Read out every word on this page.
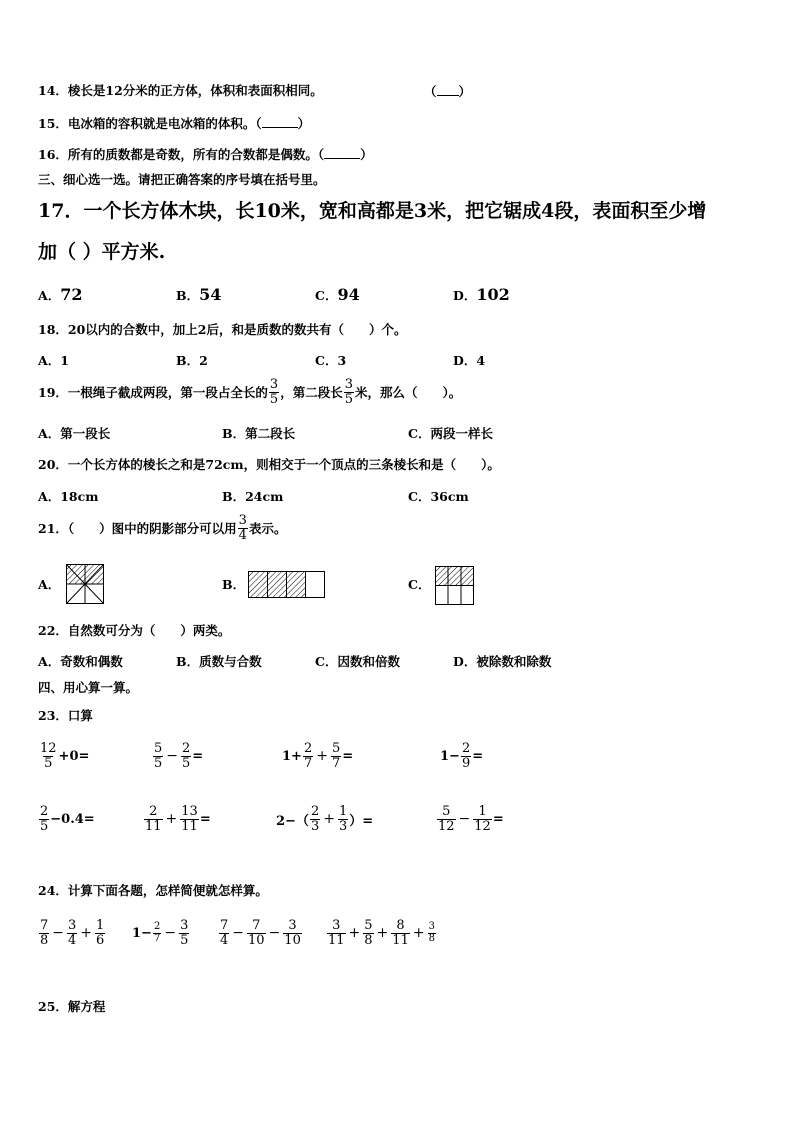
14．棱长是12分米的正方体，体积和表面积相同。	（ ）
15．电冰箱的容积就是电冰箱的体积。（	）
16．所有的质数都是奇数，所有的合数都是偶数。（	）
三、细心选一选。请把正确答案的序号填在括号里。
17．一个长方体木块，长10米，宽和高都是3米，把它锯成4段，表面积至少增
加（ ）平方米.
A．72	B．54	C．94	D．102
18．20以内的合数中，加上2后，和是质数的数共有（　　）个。
A．1	B．2	C．3	D．4
19．一根绳子截成两段，第一段占全长的 $\frac{3}{5}$ ，第二段长 $\frac{3}{5}$ 米，那么（　　）。
A．第一段长	B．第二段长	C．两段一样长
20．一个长方体的棱长之和是72cm，则相交于一个顶点的三条棱长和是（　　）。
A．18cm	B．24cm	C．36cm
21．（　　）图中的阴影部分可以用 $\frac{3}{4}$ 表示。
A．	B．	C．
22．自然数可分为（　　）两类。
A．奇数和偶数	B．质数与合数	C．因数和倍数	D．被除数和除数
四、用心算一算。
23．口算
$\frac{12}{5} +0=$	$\frac{5}{5} - \frac{2}{5}$ =	$1+ \frac{2}{7} + \frac{5}{7}$ =	$1- \frac{2}{9}$ =
$\frac{2}{5} -0.4=$	$\frac{2}{11} + \frac{13}{11}$ =	$2-( \frac{2}{3} + \frac{1}{3}$ ）=	$\frac{5}{12} - \frac{1}{12}$ =
24．计算下面各题，怎样简便就怎样算。
$\frac{7}{8} - \frac{3}{4} + \frac{1}{6} 1- \frac{2}{7} - \frac{3}{5} \frac{7}{4} - \frac{7}{10} - \frac{3}{10} \frac{3}{11} + \frac{5}{8} + \frac{8}{11} + \frac{3}{8}$
25．解方程
